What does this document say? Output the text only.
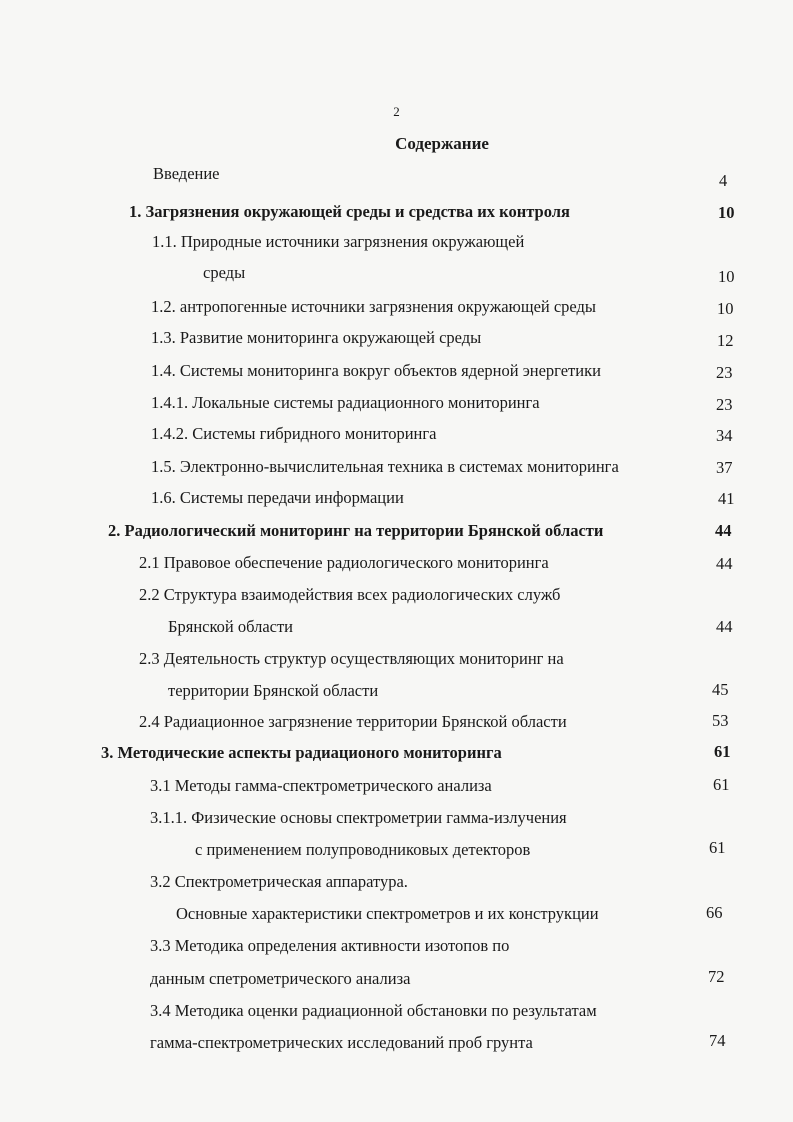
2
Содержание
Введение	4
1. Загрязнения окружающей среды и средства их контроля	10
1.1. Природные источники загрязнения окружающей
среды	10
1.2. антропогенные источники загрязнения окружающей среды	10
1.3. Развитие мониторинга окружающей среды	12
1.4. Системы мониторинга вокруг объектов ядерной энергетики	23
1.4.1. Локальные системы радиационного мониторинга	23
1.4.2. Системы гибридного мониторинга	34
1.5. Электронно-вычислительная техника в системах мониторинга	37
1.6. Системы передачи информации	41
2. Радиологический мониторинг на территории Брянской области	44
2.1 Правовое обеспечение радиологического мониторинга	44
2.2 Структура взаимодействия всех радиологических служб
Брянской области	44
2.3 Деятельность структур осуществляющих мониторинг на
территории Брянской области	45
2.4 Радиационное загрязнение территории Брянской области	53
3. Методические аспекты радиационого мониторинга	61
3.1 Методы гамма-спектрометрического анализа	61
3.1.1. Физические основы спектрометрии гамма-излучения
с применением полупроводниковых детекторов	61
3.2 Спектрометрическая аппаратура.
Основные характеристики спектрометров и их конструкции	66
3.3 Методика определения активности изотопов по
данным спетрометрического анализа	72
3.4 Методика оценки радиационной обстановки по результатам
гамма-спектрометрических исследований проб грунта	74
